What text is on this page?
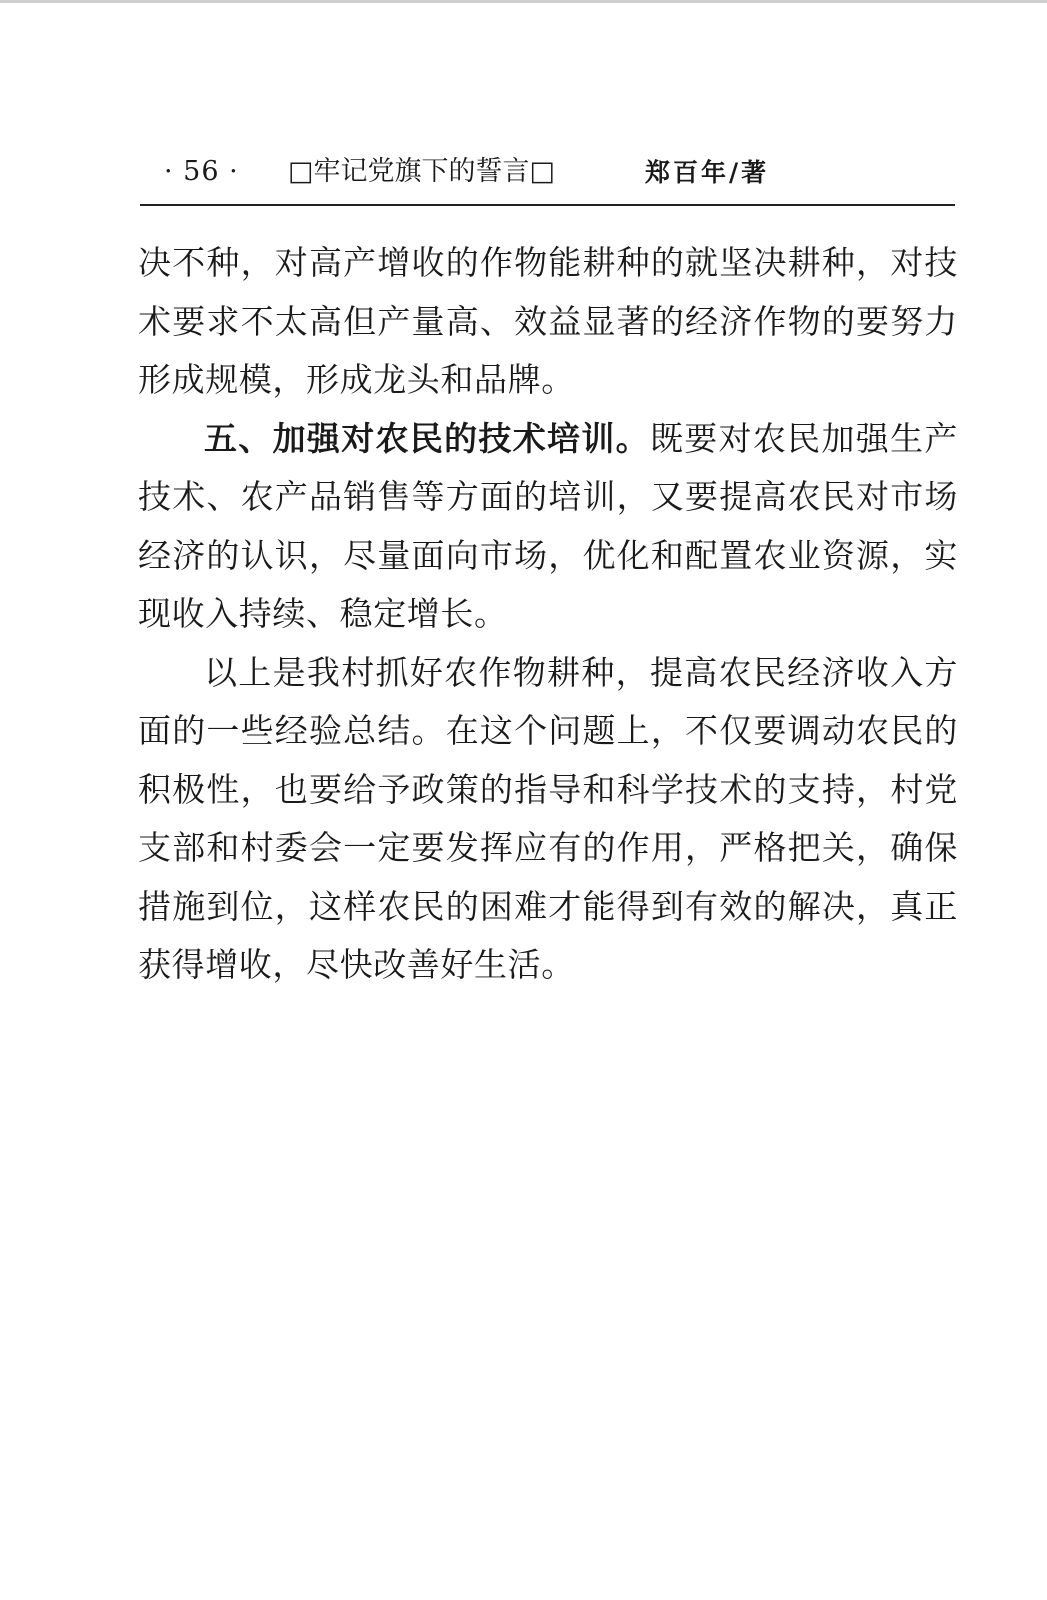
· 56 · □牢记党旗下的誓言□	郑百年/著

决不种，对高产增收的作物能耕种的就坚决耕种，对技术要求不太高但产量高、效益显著的经济作物的要努力形成规模，形成龙头和品牌。

五、加强对农民的技术培训。既要对农民加强生产技术、农产品销售等方面的培训，又要提高农民对市场经济的认识，尽量面向市场，优化和配置农业资源，实现收入持续、稳定增长。

以上是我村抓好农作物耕种，提高农民经济收入方面的一些经验总结。在这个问题上，不仅要调动农民的积极性，也要给予政策的指导和科学技术的支持，村党支部和村委会一定要发挥应有的作用，严格把关，确保措施到位，这样农民的困难才能得到有效的解决，真正获得增收，尽快改善好生活。
